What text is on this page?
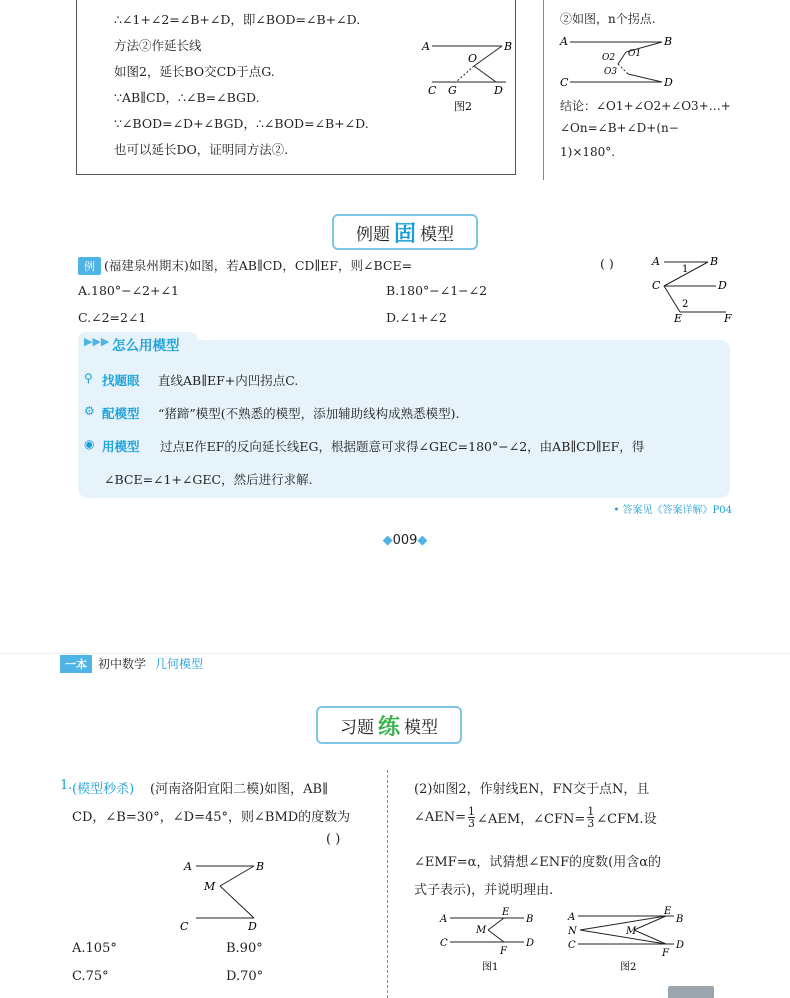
∴∠1+∠2=∠B+∠D，即∠BOD=∠B+∠D.
方法②作延长线
如图2，延长BO交CD于点G.
∵AB∥CD，∴∠B=∠BGD.
∵∠BOD=∠D+∠BGD，∴∠BOD=∠B+∠D.
也可以延长DO，证明同方法②.
A	B
O
C G	D
图2
②如图，n个拐点.
A	B
O1
O2
O3
C	D
结论：∠O1+∠O2+∠O3+…+
∠On=∠B+∠D+(n−
1)×180°.
例题 固 模型
例 (福建泉州期末)如图，若AB∥CD，CD∥EF，则∠BCE=	( )
A.180°−∠2+∠1	B.180°−∠1−∠2
C.∠2=2∠1	D.∠1+∠2
A	B
C	D
E	F
1
2
▶▶▶ 怎么用模型
⚲ 找题眼 直线AB∥EF+内凹拐点C.
⚙ 配模型 “猪蹄”模型(不熟悉的模型，添加辅助线构成熟悉模型).
◉ 用模型 过点E作EF的反向延长线EG，根据题意可求得∠GEC=180°−∠2，由AB∥CD∥EF，得
∠BCE=∠1+∠GEC，然后进行求解.
• 答案见《答案详解》P04
◆009◆
一本 初中数学 几何模型
习题 练 模型
1. (模型秒杀) (河南洛阳宜阳二模)如图，AB∥
CD，∠B=30°，∠D=45°，则∠BMD的度数为
( )
A	B
M
C	D
A.105°	B.90°
C.75°	D.70°
(2)如图2，作射线EN，FN交于点N，且
∠AEN= $\frac{1}{3}$ ∠AEM，∠CFN= $\frac{1}{3}$ ∠CFM.设
∠EMF=α，试猜想∠ENF的度数(用含α的
式子表示)，并说明理由.
A	B
E
M
C
F
D
图1
A
N
C
E
B
M
F
D
图2
